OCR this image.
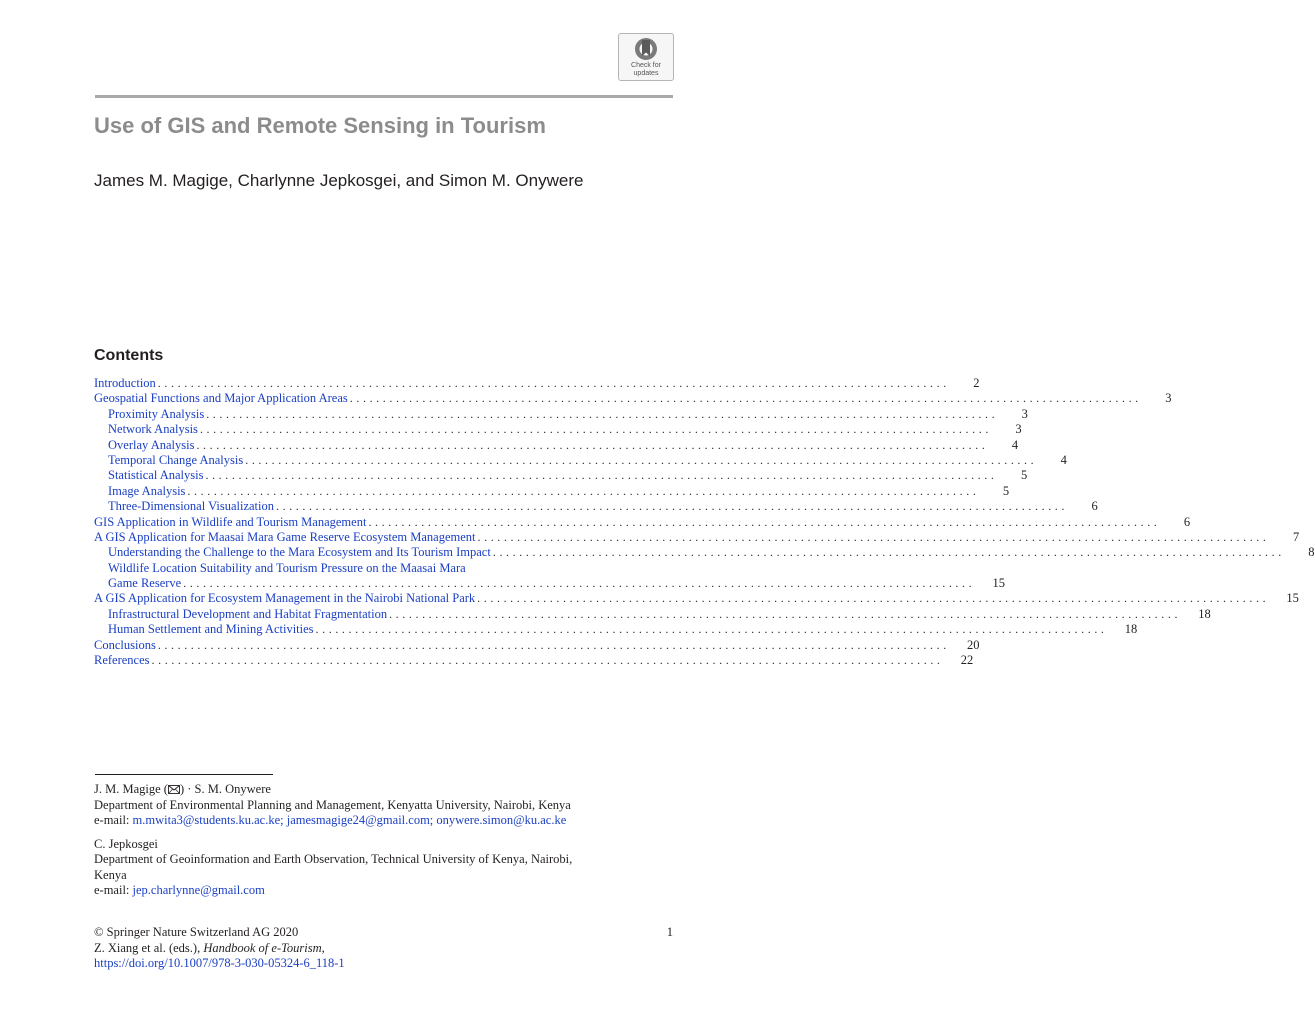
Check for
updates
Use of GIS and Remote Sensing in Tourism

James M. Magige, Charlynne Jepkosgei, and Simon M. Onywere

Contents
Introduction . . . . . . . . . . . . . . . . . . . . . . . . . . . . . . . . . . . . . . . . . . . . . . . . . . . . . . . . . . . . . . . . . . . . . . . . . . . . . . . . . . . . . . . . . . . . . . . . . . . . . . . . . . . . . . . . . . . . . . . .	2
Geospatial Functions and Major Application Areas . . . . . . . . . . . . . . . . . . . . . . . . . . . . . . . . . . . . . . . . . . . . . . . . . . . . . . . . . . . . . . . . . . . . . . . . . . . . . . . . . . . . . . . . . . . . . . . . . . . . . . . . . . . . . . . . . . . . . . . .	3
Proximity Analysis . . . . . . . . . . . . . . . . . . . . . . . . . . . . . . . . . . . . . . . . . . . . . . . . . . . . . . . . . . . . . . . . . . . . . . . . . . . . . . . . . . . . . . . . . . . . . . . . . . . . . . . . . . . . . . . . . . . . . . . .	3
Network Analysis . . . . . . . . . . . . . . . . . . . . . . . . . . . . . . . . . . . . . . . . . . . . . . . . . . . . . . . . . . . . . . . . . . . . . . . . . . . . . . . . . . . . . . . . . . . . . . . . . . . . . . . . . . . . . . . . . . . . . . . .	3
Overlay Analysis . . . . . . . . . . . . . . . . . . . . . . . . . . . . . . . . . . . . . . . . . . . . . . . . . . . . . . . . . . . . . . . . . . . . . . . . . . . . . . . . . . . . . . . . . . . . . . . . . . . . . . . . . . . . . . . . . . . . . . . .	4
Temporal Change Analysis . . . . . . . . . . . . . . . . . . . . . . . . . . . . . . . . . . . . . . . . . . . . . . . . . . . . . . . . . . . . . . . . . . . . . . . . . . . . . . . . . . . . . . . . . . . . . . . . . . . . . . . . . . . . . . . . . . . . . . . .	4
Statistical Analysis . . . . . . . . . . . . . . . . . . . . . . . . . . . . . . . . . . . . . . . . . . . . . . . . . . . . . . . . . . . . . . . . . . . . . . . . . . . . . . . . . . . . . . . . . . . . . . . . . . . . . . . . . . . . . . . . . . . . . . . .	5
Image Analysis . . . . . . . . . . . . . . . . . . . . . . . . . . . . . . . . . . . . . . . . . . . . . . . . . . . . . . . . . . . . . . . . . . . . . . . . . . . . . . . . . . . . . . . . . . . . . . . . . . . . . . . . . . . . . . . . . . . . . . . .	5
Three-Dimensional Visualization . . . . . . . . . . . . . . . . . . . . . . . . . . . . . . . . . . . . . . . . . . . . . . . . . . . . . . . . . . . . . . . . . . . . . . . . . . . . . . . . . . . . . . . . . . . . . . . . . . . . . . . . . . . . . . . . . . . . . . . .	6
GIS Application in Wildlife and Tourism Management . . . . . . . . . . . . . . . . . . . . . . . . . . . . . . . . . . . . . . . . . . . . . . . . . . . . . . . . . . . . . . . . . . . . . . . . . . . . . . . . . . . . . . . . . . . . . . . . . . . . . . . . . . . . . . . . . . . . . . . .	6
A GIS Application for Maasai Mara Game Reserve Ecosystem Management . . . . . . . . . . . . . . . . . . . . . . . . . . . . . . . . . . . . . . . . . . . . . . . . . . . . . . . . . . . . . . . . . . . . . . . . . . . . . . . . . . . . . . . . . . . . . . . . . . . . . . . . . . . . . . . . . . . . . . . .	7
Understanding the Challenge to the Mara Ecosystem and Its Tourism Impact . . . . . . . . . . . . . . . . . . . . . . . . . . . . . . . . . . . . . . . . . . . . . . . . . . . . . . . . . . . . . . . . . . . . . . . . . . . . . . . . . . . . . . . . . . . . . . . . . . . . . . . . . . . . . . . . . . . . . . . .	8
Wildlife Location Suitability and Tourism Pressure on the Maasai Mara
Game Reserve . . . . . . . . . . . . . . . . . . . . . . . . . . . . . . . . . . . . . . . . . . . . . . . . . . . . . . . . . . . . . . . . . . . . . . . . . . . . . . . . . . . . . . . . . . . . . . . . . . . . . . . . . . . . . . . . . . . . . . . . 15
A GIS Application for Ecosystem Management in the Nairobi National Park . . . . . . . . . . . . . . . . . . . . . . . . . . . . . . . . . . . . . . . . . . . . . . . . . . . . . . . . . . . . . . . . . . . . . . . . . . . . . . . . . . . . . . . . . . . . . . . . . . . . . . . . . . . . . . . . . . . . . . . . 15
Infrastructural Development and Habitat Fragmentation . . . . . . . . . . . . . . . . . . . . . . . . . . . . . . . . . . . . . . . . . . . . . . . . . . . . . . . . . . . . . . . . . . . . . . . . . . . . . . . . . . . . . . . . . . . . . . . . . . . . . . . . . . . . . . . . . . . . . . . . 18
Human Settlement and Mining Activities . . . . . . . . . . . . . . . . . . . . . . . . . . . . . . . . . . . . . . . . . . . . . . . . . . . . . . . . . . . . . . . . . . . . . . . . . . . . . . . . . . . . . . . . . . . . . . . . . . . . . . . . . . . . . . . . . . . . . . . . 18
Conclusions . . . . . . . . . . . . . . . . . . . . . . . . . . . . . . . . . . . . . . . . . . . . . . . . . . . . . . . . . . . . . . . . . . . . . . . . . . . . . . . . . . . . . . . . . . . . . . . . . . . . . . . . . . . . . . . . . . . . . . . . 20
References . . . . . . . . . . . . . . . . . . . . . . . . . . . . . . . . . . . . . . . . . . . . . . . . . . . . . . . . . . . . . . . . . . . . . . . . . . . . . . . . . . . . . . . . . . . . . . . . . . . . . . . . . . . . . . . . . . . . . . . . 22

J. M. Magige ( ) · S. M. Onywere

Department of Environmental Planning and Management, Kenyatta University, Nairobi, Kenya

e-mail: m.mwita3@students.ku.ac.ke; jamesmagige24@gmail.com; onywere.simon@ku.ac.ke

C. Jepkosgei

Department of Geoinformation and Earth Observation, Technical University of Kenya, Nairobi,

Kenya

e-mail: jep.charlynne@gmail.com

© Springer Nature Switzerland AG 2020

Z. Xiang et al. (eds.), Handbook of e-Tourism,

https://doi.org/10.1007/978-3-030-05324-6_118-1

1
